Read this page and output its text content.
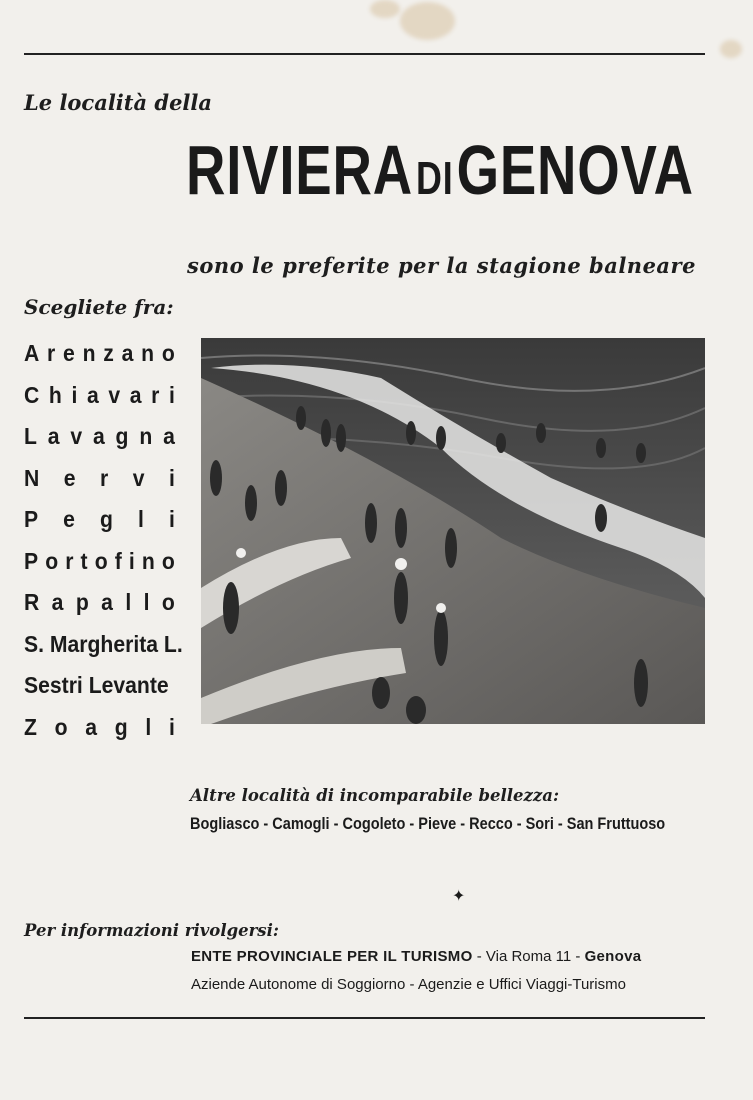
Le località della
RIVIERADIGENOVA
sono le preferite per la stagione balneare
Scegliete fra:
A r e n z a n o
C h i a v a r i
L a v a g n a
N e r v i
P e g l i
P o r t o f i n o
R a p a l l o
S. Margherita L.
Sestri Levante
Z o a g l i
Altre località di incomparabile bellezza:
Bogliasco - Camogli - Cogoleto - Pieve - Recco - Sori - San Fruttuoso
✦
Per informazioni rivolgersi:
ENTE PROVINCIALE PER IL TURISMO - Via Roma 11 - Genova
Aziende Autonome di Soggiorno - Agenzie e Uffici Viaggi-Turismo
